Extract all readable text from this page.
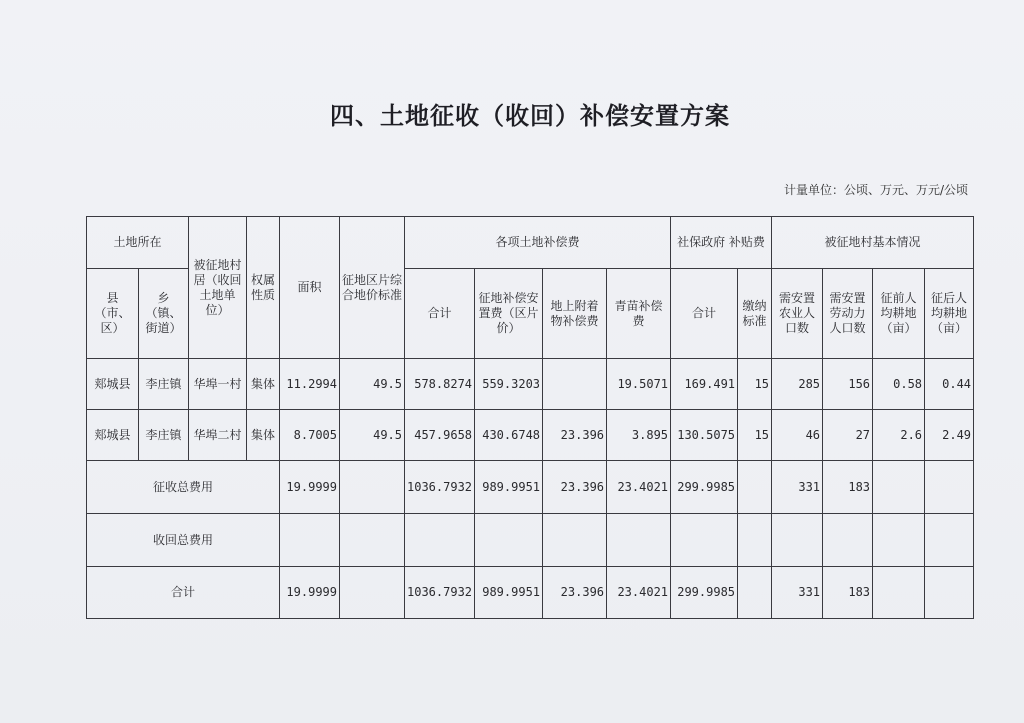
四、土地征收（收回）补偿安置方案
计量单位：公顷、万元、万元/公顷
土地所在		被征地村居（收回土地单位）	权属性质	面积	征地区片综合地价标准	各项土地补偿费				社保政府 补贴费		被征地村基本情况			
县（市、区）	乡（镇、街道）					合计	征地补偿安置费（区片价）	地上附着物补偿费	青苗补偿费	合计	缴纳标准	需安置农业人口数	需安置劳动力人口数	征前人均耕地（亩）	征后人均耕地（亩）
郏城县	李庄镇	华埠一村	集体	11.2994	49.5	578.8274	559.3203		19.5071	169.491	15	285	156	0.58	0.44
郏城县	李庄镇	华埠二村	集体	8.7005	49.5	457.9658	430.6748	23.396	3.895	130.5075	15	46	27	2.6	2.49
征收总费用				19.9999		1036.7932	989.9951	23.396	23.4021	299.9985		331	183		
收回总费用															
合计				19.9999		1036.7932	989.9951	23.396	23.4021	299.9985		331	183		
